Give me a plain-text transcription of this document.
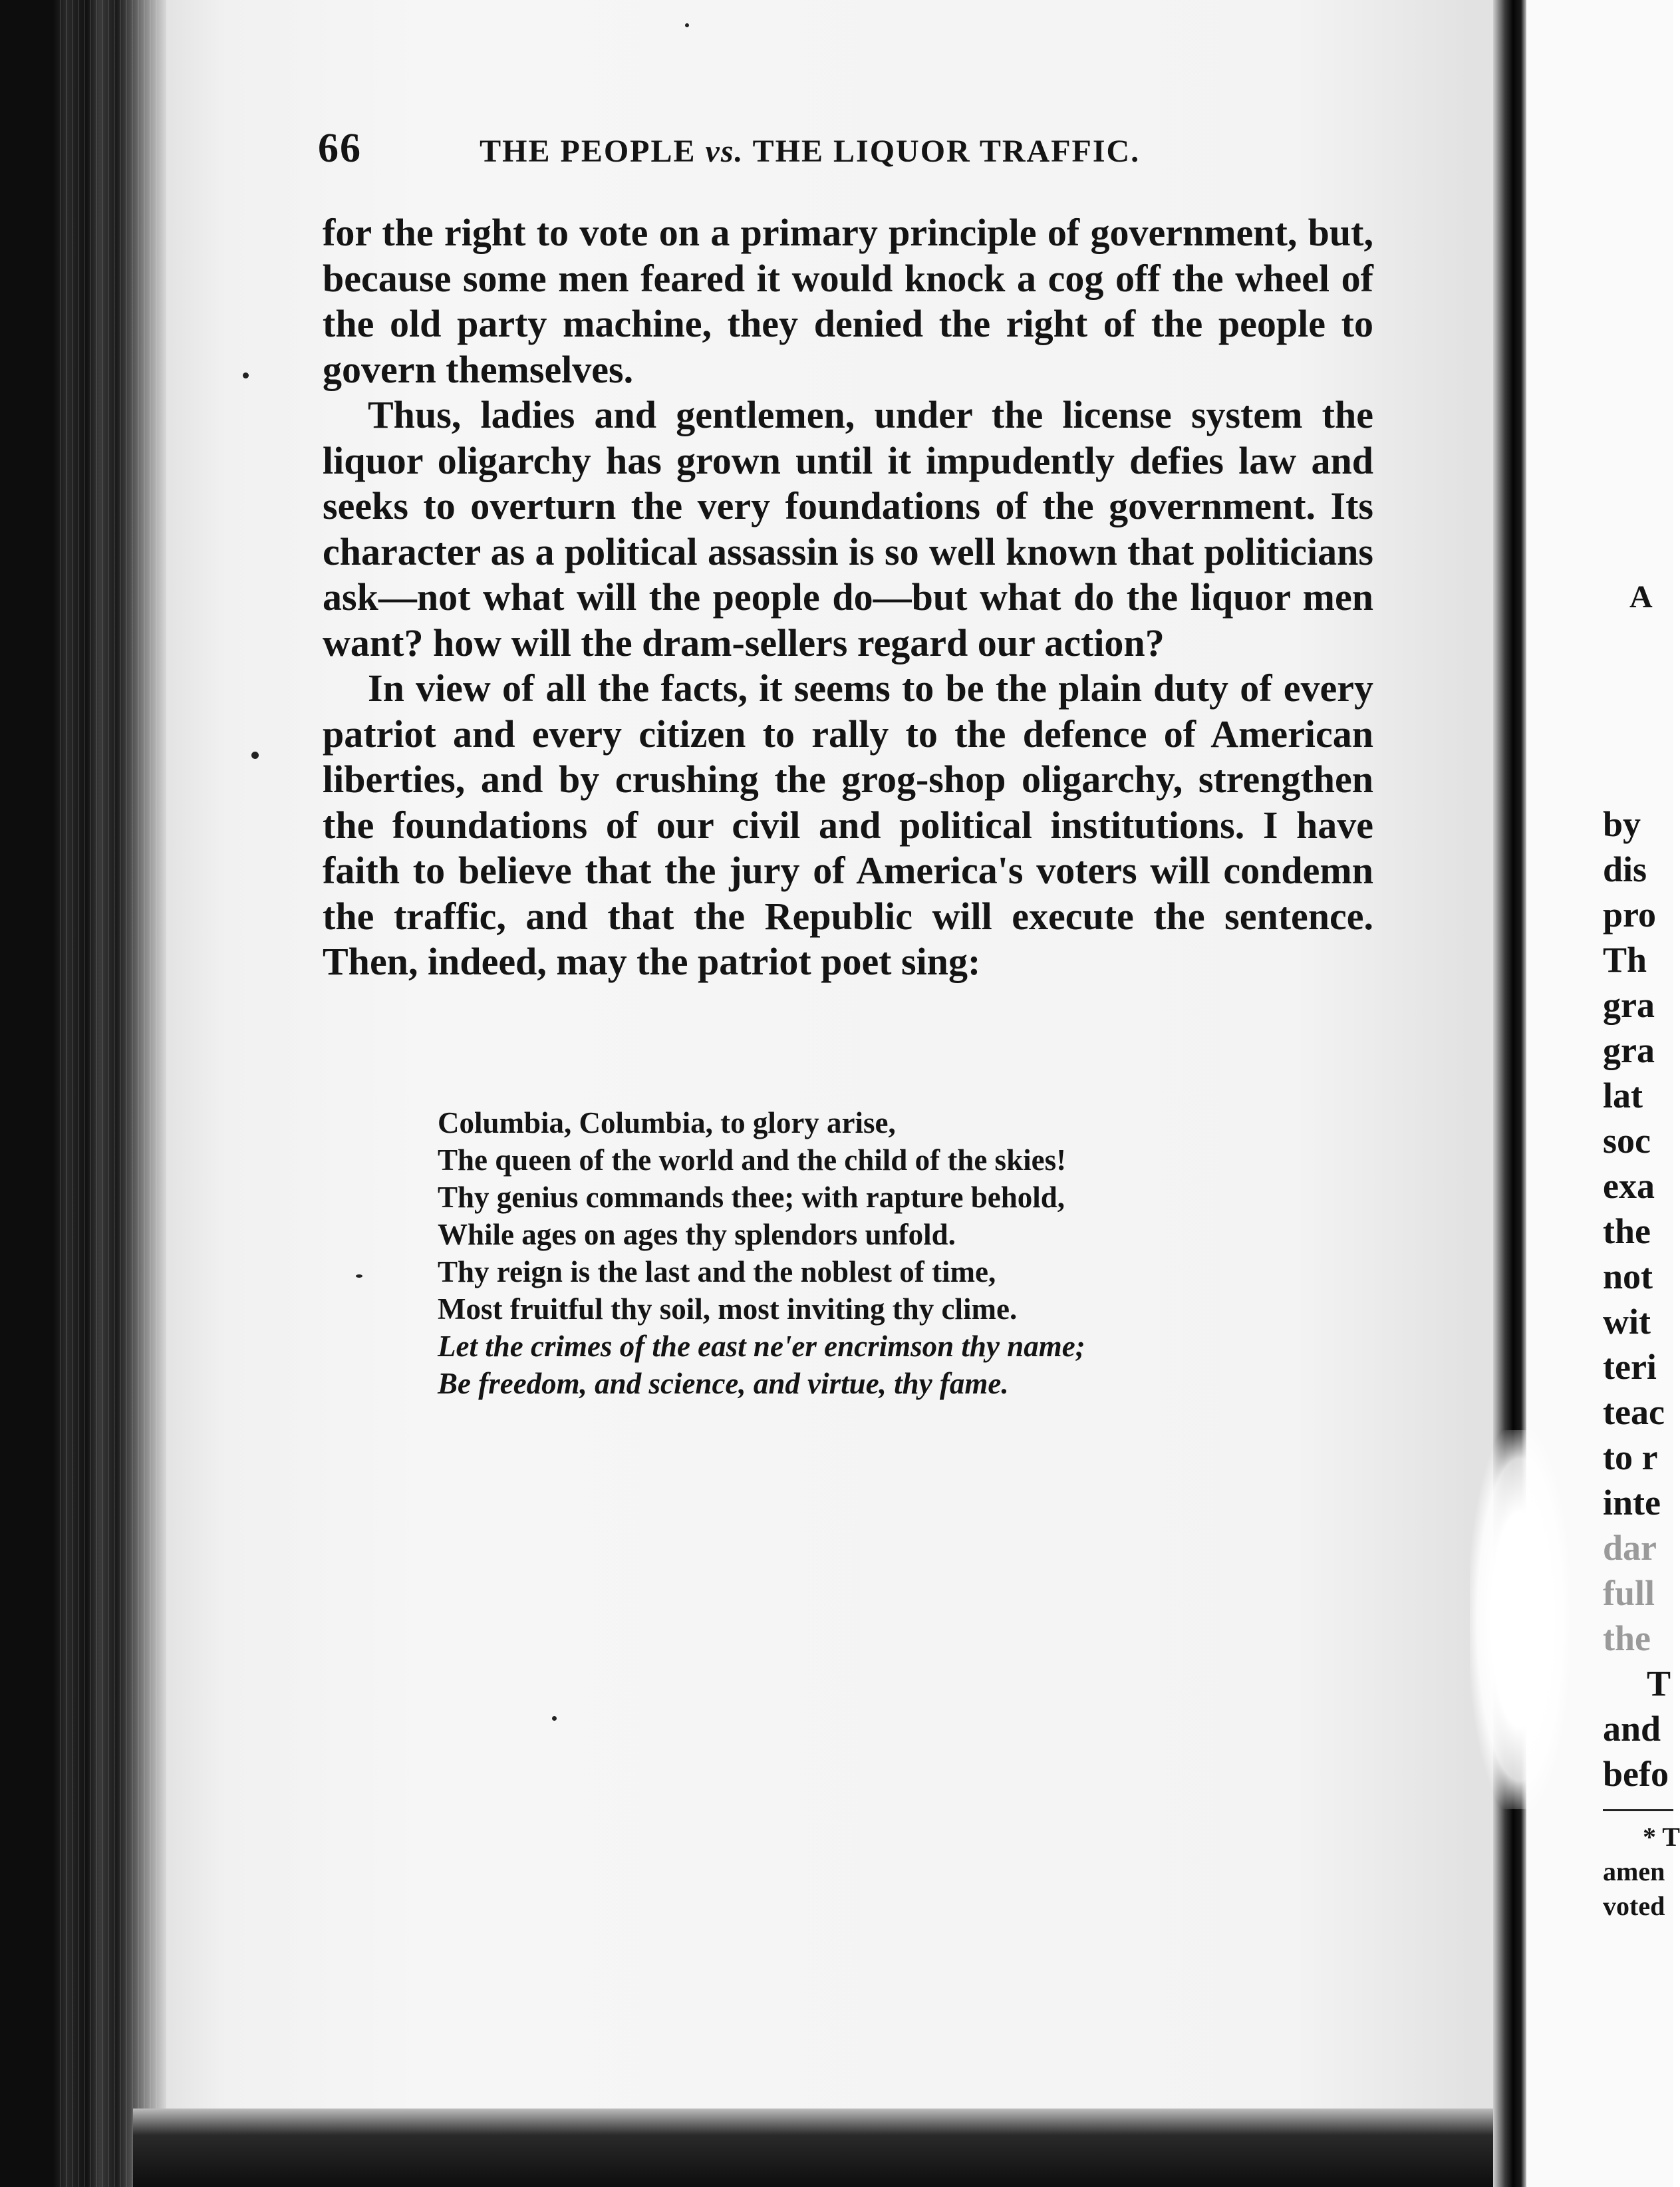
66	THE PEOPLE vs. THE LIQUOR TRAFFIC.

for the right to vote on a primary principle of government, but, because some men feared it would knock a cog off the wheel of the old party machine, they denied the right of the people to govern themselves.

Thus, ladies and gentlemen, under the license system the liquor oligarchy has grown until it impudently defies law and seeks to overturn the very foundations of the government. Its character as a political assassin is so well known that politicians ask—not what will the people do—but what do the liquor men want? how will the dram-sellers regard our action?

In view of all the facts, it seems to be the plain duty of every patriot and every citizen to rally to the defence of American liberties, and by crushing the grog-shop oligarchy, strengthen the foundations of our civil and political institutions. I have faith to believe that the jury of America's voters will condemn the traffic, and that the Republic will execute the sentence. Then, indeed, may the patriot poet sing:

Columbia, Columbia, to glory arise,
The queen of the world and the child of the skies!
Thy genius commands thee; with rapture behold,
While ages on ages thy splendors unfold.
Thy reign is the last and the noblest of time,
Most fruitful thy soil, most inviting thy clime.
Let the crimes of the east ne'er encrimson thy name;
Be freedom, and science, and virtue, thy fame.
A
by
dis
pro
Th
gra
gra
lat
soc
exa
the
not
wit
teri
teac
to r
inte
dar
full
the
T
and
befo
* T
amen
voted
